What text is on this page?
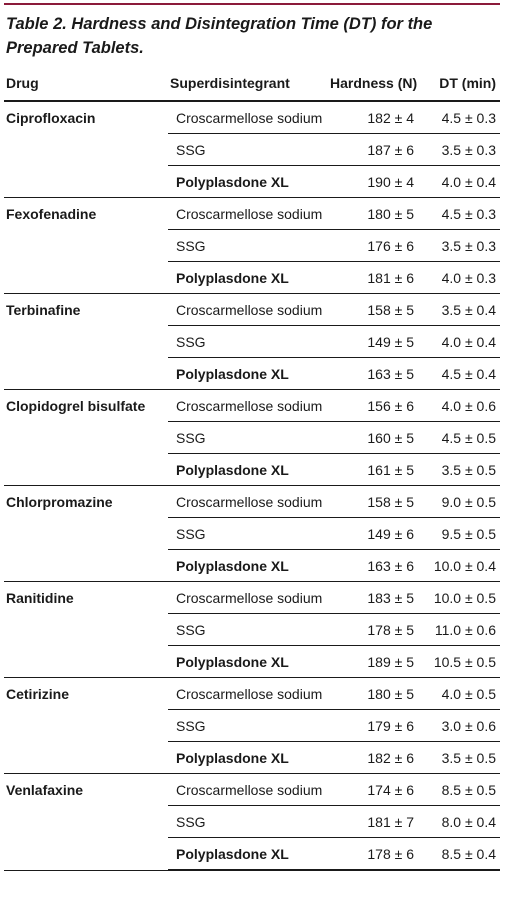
Table 2. Hardness and Disintegration Time (DT) for the Prepared Tablets.
Drug	Superdisintegrant	Hardness (N)	DT (min)
Ciprofloxacin	Croscarmellose sodium	182 ± 4	4.5 ± 0.3
	SSG	187 ± 6	3.5 ± 0.3
	Polyplasdone XL	190 ± 4	4.0 ± 0.4
Fexofenadine	Croscarmellose sodium	180 ± 5	4.5 ± 0.3
	SSG	176 ± 6	3.5 ± 0.3
	Polyplasdone XL	181 ± 6	4.0 ± 0.3
Terbinafine	Croscarmellose sodium	158 ± 5	3.5 ± 0.4
	SSG	149 ± 5	4.0 ± 0.4
	Polyplasdone XL	163 ± 5	4.5 ± 0.4
Clopidogrel bisulfate	Croscarmellose sodium	156 ± 6	4.0 ± 0.6
	SSG	160 ± 5	4.5 ± 0.5
	Polyplasdone XL	161 ± 5	3.5 ± 0.5
Chlorpromazine	Croscarmellose sodium	158 ± 5	9.0 ± 0.5
	SSG	149 ± 6	9.5 ± 0.5
	Polyplasdone XL	163 ± 6	10.0 ± 0.4
Ranitidine	Croscarmellose sodium	183 ± 5	10.0 ± 0.5
	SSG	178 ± 5	11.0 ± 0.6
	Polyplasdone XL	189 ± 5	10.5 ± 0.5
Cetirizine	Croscarmellose sodium	180 ± 5	4.0 ± 0.5
	SSG	179 ± 6	3.0 ± 0.6
	Polyplasdone XL	182 ± 6	3.5 ± 0.5
Venlafaxine	Croscarmellose sodium	174 ± 6	8.5 ± 0.5
	SSG	181 ± 7	8.0 ± 0.4
	Polyplasdone XL	178 ± 6	8.5 ± 0.4
